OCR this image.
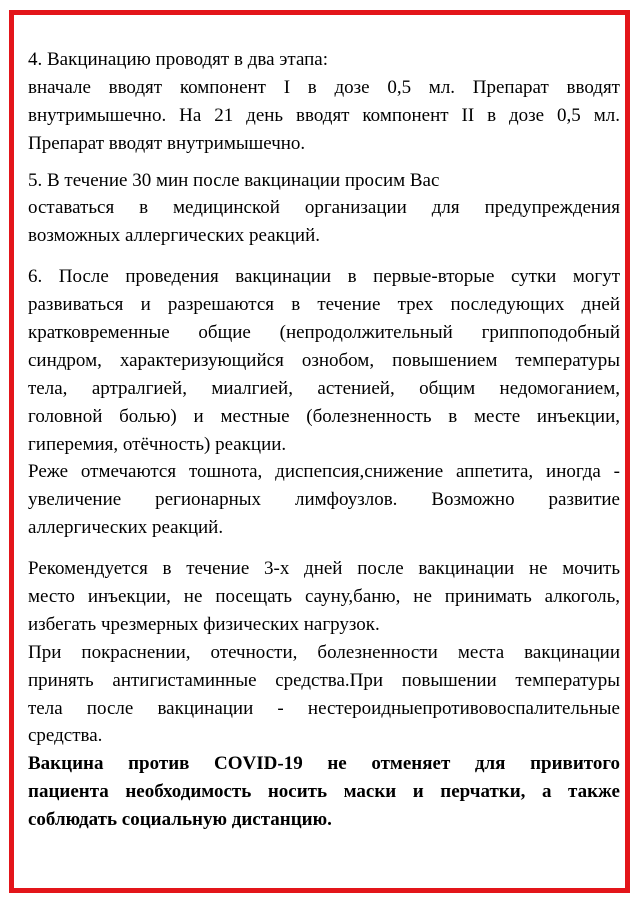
4. Вакцинацию проводят в два этапа:
вначале вводят компонент I в дозе 0,5 мл. Препарат вводят
внутримышечно. На 21 день вводят компонент II в дозе 0,5 мл.
Препарат вводят внутримышечно.
5. В течение 30 мин после вакцинации просим Вас
оставаться в медицинской организации для предупреждения
возможных аллергических реакций.
6. После проведения вакцинации в первые-вторые сутки могут
развиваться и разрешаются в течение трех последующих дней
кратковременные общие (непродолжительный гриппоподобный
синдром, характеризующийся ознобом, повышением температуры
тела, артралгией, миалгией, астенией, общим недомоганием,
головной болью) и местные (болезненность в месте инъекции,
гиперемия, отёчность) реакции.
Реже отмечаются тошнота, диспепсия,снижение аппетита, иногда -
увеличение регионарных лимфоузлов. Возможно развитие
аллергических реакций.
Рекомендуется в течение 3-х дней после вакцинации не мочить
место инъекции, не посещать сауну,баню, не принимать алкоголь,
избегать чрезмерных физических нагрузок.
При покраснении, отечности, болезненности места вакцинации
принять антигистаминные средства.При повышении температуры
тела после вакцинации - нестероидныепротивовоспалительные
средства.
Вакцина против COVID-19 не отменяет для привитого
пациента необходимость носить маски и перчатки, а также
соблюдать социальную дистанцию.
